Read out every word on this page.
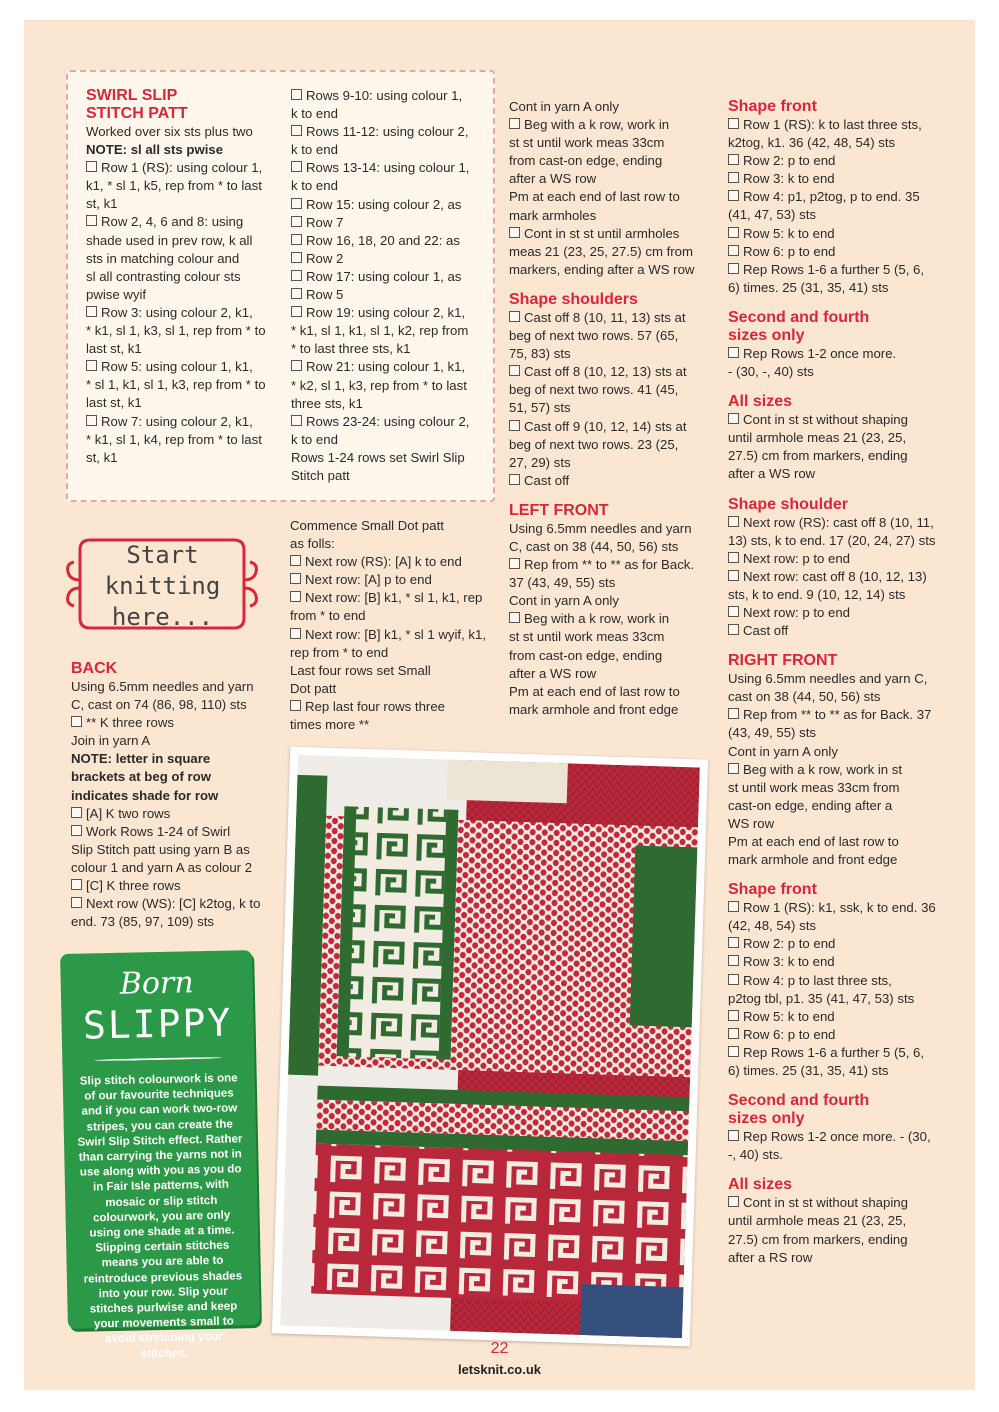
SWIRL SLIP
STITCH PATT
Worked over six sts plus two
NOTE: sl all sts pwise
Row 1 (RS): using colour 1,
k1, * sl 1, k5, rep from * to last
st, k1
Row 2, 4, 6 and 8: using
shade used in prev row, k all
sts in matching colour and
sl all contrasting colour sts
pwise wyif
Row 3: using colour 2, k1,
* k1, sl 1, k3, sl 1, rep from * to
last st, k1
Row 5: using colour 1, k1,
* sl 1, k1, sl 1, k3, rep from * to
last st, k1
Row 7: using colour 2, k1,
* k1, sl 1, k4, rep from * to last
st, k1
Rows 9-10: using colour 1,
k to end
Rows 11-12: using colour 2,
k to end
Rows 13-14: using colour 1,
k to end
Row 15: using colour 2, as
Row 7
Row 16, 18, 20 and 22: as
Row 2
Row 17: using colour 1, as
Row 5
Row 19: using colour 2, k1,
* k1, sl 1, k1, sl 1, k2, rep from
* to last three sts, k1
Row 21: using colour 1, k1,
* k2, sl 1, k3, rep from * to last
three sts, k1
Rows 23-24: using colour 2,
k to end
Rows 1-24 rows set Swirl Slip
Stitch patt
Start
knitting
here...
BACK
Using 6.5mm needles and yarn
C, cast on 74 (86, 98, 110) sts
** K three rows
Join in yarn A
NOTE: letter in square
brackets at beg of row
indicates shade for row
[A] K two rows
Work Rows 1-24 of Swirl
Slip Stitch patt using yarn B as
colour 1 and yarn A as colour 2
[C] K three rows
Next row (WS): [C] k2tog, k to
end. 73 (85, 97, 109) sts
Commence Small Dot patt
as folls:
Next row (RS): [A] k to end
Next row: [A] p to end
Next row: [B] k1, * sl 1, k1, rep
from * to end
Next row: [B] k1, * sl 1 wyif, k1,
rep from * to end
Last four rows set Small
Dot patt
Rep last four rows three
times more **
Born
SLIPPY
Slip stitch colourwork is one of our favourite techniques and if you can work two-row stripes, you can create the Swirl Slip Stitch effect. Rather than carrying the yarns not in use along with you as you do in Fair Isle patterns, with mosaic or slip stitch colourwork, you are only using one shade at a time. Slipping certain stitches means you are able to reintroduce previous shades into your row. Slip your stitches purlwise and keep your movements small to avoid stretching your stitches.
Cont in yarn A only
Beg with a k row, work in
st st until work meas 33cm
from cast-on edge, ending
after a WS row
Pm at each end of last row to
mark armholes
Cont in st st until armholes
meas 21 (23, 25, 27.5) cm from
markers, ending after a WS row
Shape shoulders
Cast off 8 (10, 11, 13) sts at
beg of next two rows. 57 (65,
75, 83) sts
Cast off 8 (10, 12, 13) sts at
beg of next two rows. 41 (45,
51, 57) sts
Cast off 9 (10, 12, 14) sts at
beg of next two rows. 23 (25,
27, 29) sts
Cast off
LEFT FRONT
Using 6.5mm needles and yarn
C, cast on 38 (44, 50, 56) sts
Rep from ** to ** as for Back.
37 (43, 49, 55) sts
Cont in yarn A only
Beg with a k row, work in
st st until work meas 33cm
from cast-on edge, ending
after a WS row
Pm at each end of last row to
mark armhole and front edge
Shape front
Row 1 (RS): k to last three sts,
k2tog, k1. 36 (42, 48, 54) sts
Row 2: p to end
Row 3: k to end
Row 4: p1, p2tog, p to end. 35
(41, 47, 53) sts
Row 5: k to end
Row 6: p to end
Rep Rows 1-6 a further 5 (5, 6,
6) times. 25 (31, 35, 41) sts
Second and fourth
sizes only
Rep Rows 1-2 once more.
- (30, -, 40) sts
All sizes
Cont in st st without shaping
until armhole meas 21 (23, 25,
27.5) cm from markers, ending
after a WS row
Shape shoulder
Next row (RS): cast off 8 (10, 11,
13) sts, k to end. 17 (20, 24, 27) sts
Next row: p to end
Next row: cast off 8 (10, 12, 13)
sts, k to end. 9 (10, 12, 14) sts
Next row: p to end
Cast off
RIGHT FRONT
Using 6.5mm needles and yarn C,
cast on 38 (44, 50, 56) sts
Rep from ** to ** as for Back. 37
(43, 49, 55) sts
Cont in yarn A only
Beg with a k row, work in st
st until work meas 33cm from
cast-on edge, ending after a
WS row
Pm at each end of last row to
mark armhole and front edge
Shape front
Row 1 (RS): k1, ssk, k to end. 36
(42, 48, 54) sts
Row 2: p to end
Row 3: k to end
Row 4: p to last three sts,
p2tog tbl, p1. 35 (41, 47, 53) sts
Row 5: k to end
Row 6: p to end
Rep Rows 1-6 a further 5 (5, 6,
6) times. 25 (31, 35, 41) sts
Second and fourth
sizes only
Rep Rows 1-2 once more. - (30,
-, 40) sts.
All sizes
Cont in st st without shaping
until armhole meas 21 (23, 25,
27.5) cm from markers, ending
after a RS row
22
letsknit.co.uk
